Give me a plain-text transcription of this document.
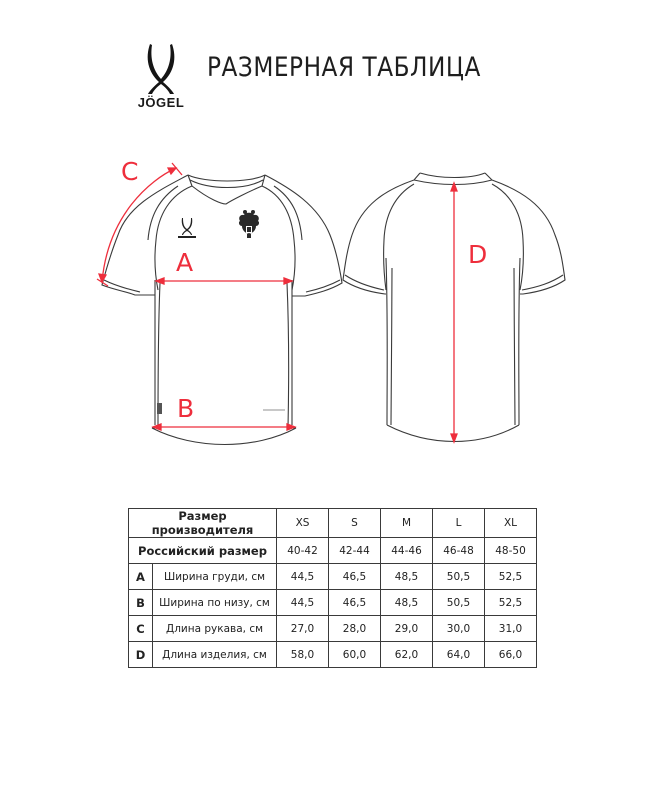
JÖGEL
РАЗМЕРНАЯ ТАБЛИЦА
C
A
B
D
Размер производителя		XS	S	M	L	XL
Российский размер		40-42	42-44	44-46	46-48	48-50
A	Ширина груди, см	44,5	46,5	48,5	50,5	52,5
B	Ширина по низу, см	44,5	46,5	48,5	50,5	52,5
C	Длина рукава, см	27,0	28,0	29,0	30,0	31,0
D	Длина изделия, см	58,0	60,0	62,0	64,0	66,0
